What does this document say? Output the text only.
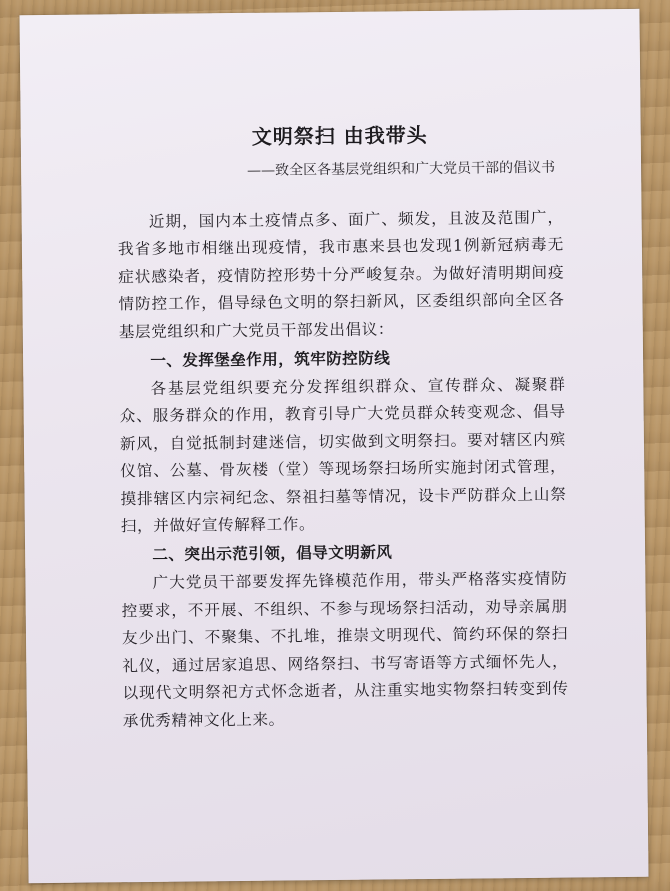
文明祭扫 由我带头

——致全区各基层党组织和广大党员干部的倡议书

近期，国内本土疫情点多、面广、频发，且波及范围广，我省多地市相继出现疫情，我市惠来县也发现1例新冠病毒无症状感染者，疫情防控形势十分严峻复杂。为做好清明期间疫情防控工作，倡导绿色文明的祭扫新风，区委组织部向全区各基层党组织和广大党员干部发出倡议：

一、发挥堡垒作用，筑牢防控防线

各基层党组织要充分发挥组织群众、宣传群众、凝聚群众、服务群众的作用，教育引导广大党员群众转变观念、倡导新风，自觉抵制封建迷信，切实做到文明祭扫。要对辖区内殡仪馆、公墓、骨灰楼（堂）等现场祭扫场所实施封闭式管理，摸排辖区内宗祠纪念、祭祖扫墓等情况，设卡严防群众上山祭扫，并做好宣传解释工作。

二、突出示范引领，倡导文明新风

广大党员干部要发挥先锋模范作用，带头严格落实疫情防控要求，不开展、不组织、不参与现场祭扫活动，劝导亲属朋友少出门、不聚集、不扎堆，推崇文明现代、简约环保的祭扫礼仪，通过居家追思、网络祭扫、书写寄语等方式缅怀先人，以现代文明祭祀方式怀念逝者，从注重实地实物祭扫转变到传承优秀精神文化上来。
